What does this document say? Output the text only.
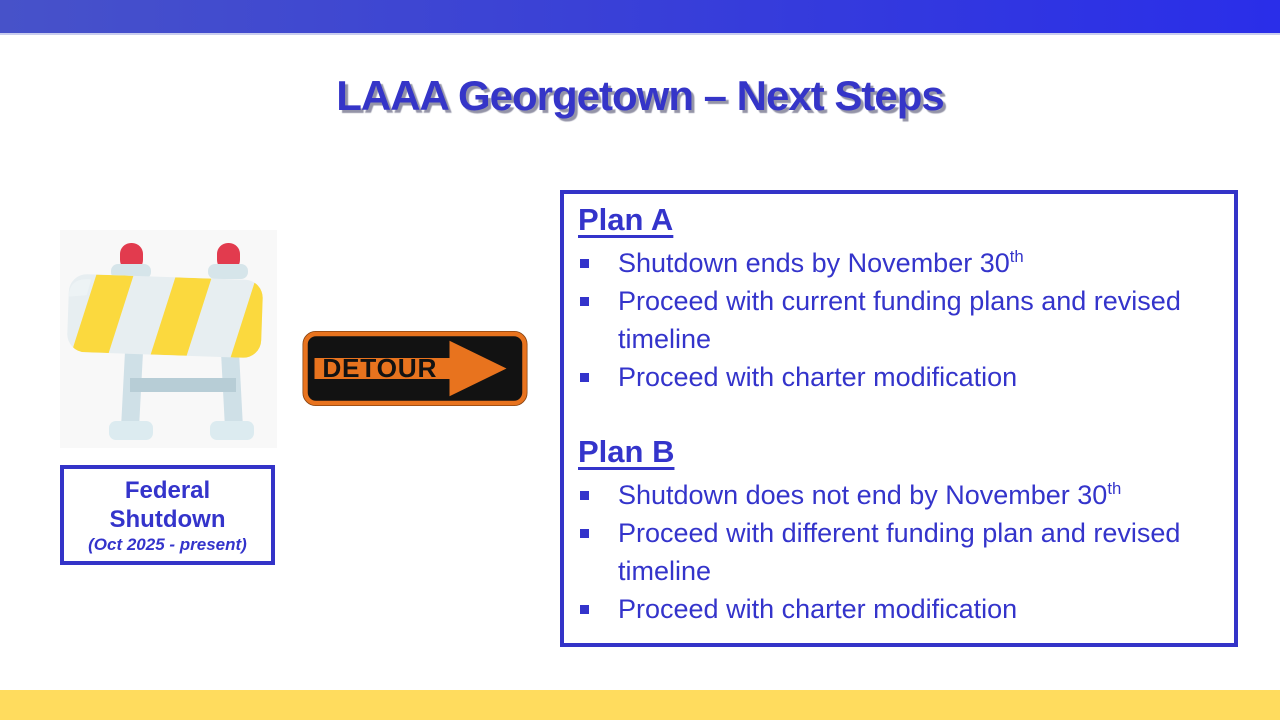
LAAA Georgetown – Next Steps
DETOUR
Federal
Shutdown
(Oct 2025 - present)
Plan A
Shutdown ends by November 30th
Proceed with current funding plans and revised timeline
Proceed with charter modification
Plan B
Shutdown does not end by November 30th
Proceed with different funding plan and revised timeline
Proceed with charter modification
